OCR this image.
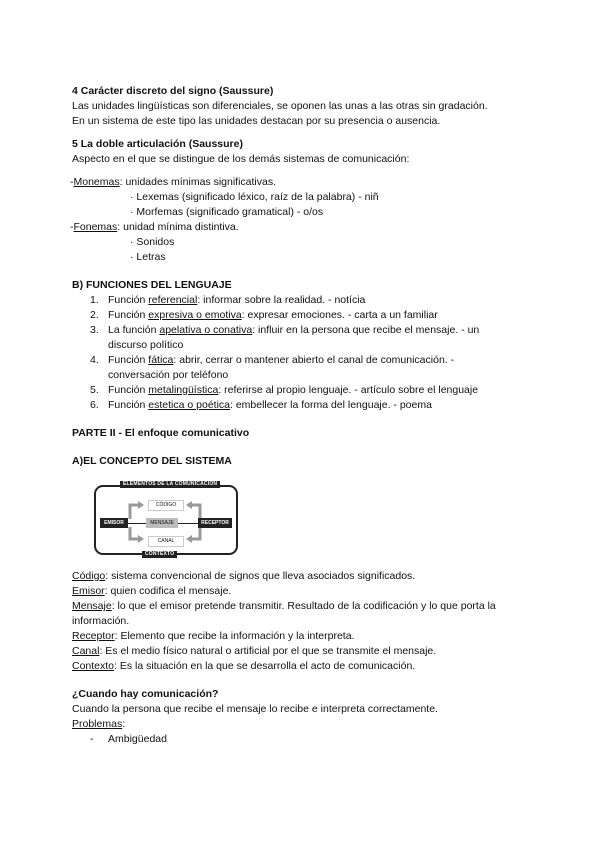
4 Carácter discreto del signo (Saussure)
Las unidades lingüísticas son diferenciales, se oponen las unas a las otras sin gradación.
En un sistema de este tipo las unidades destacan por su presencia o ausencia.
5 La doble articulación (Saussure)
Aspecto en el que se distingue de los demás sistemas de comunicación:
-Monemas: unidades mínimas significativas.
· Lexemas (significado léxico, raíz de la palabra) - niñ
· Morfemas (significado gramatical) - o/os
-Fonemas: unidad mínima distintiva.
· Sonidos
· Letras
B) FUNCIONES DEL LENGUAJE
1. Función referencial: informar sobre la realidad. - notícia
2. Función expresiva o emotiva: expresar emociones. - carta a un familiar
3. La función apelativa o conativa: influir en la persona que recibe el mensaje. - un
discurso político
4. Función fática: abrir, cerrar o mantener abierto el canal de comunicación. -
conversación por teléfono
5. Función metalingüística: referirse al propio lenguaje. - artículo sobre el lenguaje
6. Función estetica o poética: embellecer la forma del lenguaje. - poema
PARTE II - El enfoque comunicativo
A)EL CONCEPTO DEL SISTEMA
ELEMENTOS DE LA COMUNICACIÓN
CÓDIGO
EMISOR	MENSAJE	RECEPTOR
CANAL
CONTEXTO
Código: sistema convencional de signos que lleva asociados significados.
Emisor: quien codifica el mensaje.
Mensaje: lo que el emisor pretende transmitir. Resultado de la codificación y lo que porta la
información.
Receptor: Elemento que recibe la información y la interpreta.
Canal: Es el medio físico natural o artificial por el que se transmite el mensaje.
Contexto: Es la situación en la que se desarrolla el acto de comunicación.
¿Cuando hay comunicación?
Cuando la persona que recibe el mensaje lo recibe e interpreta correctamente.
Problemas:
- Ambigüedad
